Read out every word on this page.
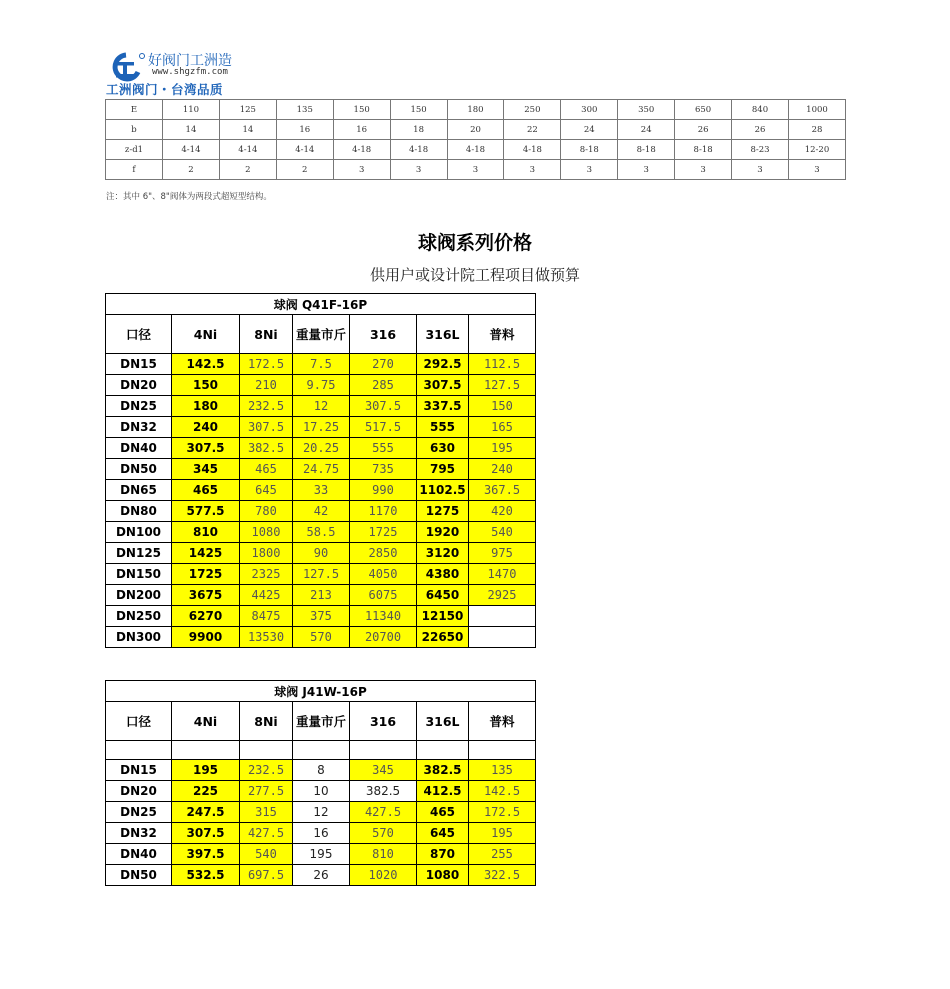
好阀门工洲造
www.shgzfm.com
工洲阀门・台湾品质
E	110	125	135	150	150	180	250	300	350	650	840	1000
b	14	14	16	16	18	20	22	24	24	26	26	28
z-d1	4-14	4-14	4-14	4-18	4-18	4-18	4-18	8-18	8-18	8-18	8-23	12-20
f	2	2	2	3	3	3	3	3	3	3	3	3
注：其中 6"、8"阀体为两段式超短型结构。
球阀系列价格
供用户或设计院工程项目做预算
球阀 Q41F-16P						
口径	4Ni	8Ni	重量市斤	316	316L	普料
DN15	142.5	172.5	7.5	270	292.5	112.5
DN20	150	210	9.75	285	307.5	127.5
DN25	180	232.5	12	307.5	337.5	150
DN32	240	307.5	17.25	517.5	555	165
DN40	307.5	382.5	20.25	555	630	195
DN50	345	465	24.75	735	795	240
DN65	465	645	33	990	1102.5	367.5
DN80	577.5	780	42	1170	1275	420
DN100	810	1080	58.5	1725	1920	540
DN125	1425	1800	90	2850	3120	975
DN150	1725	2325	127.5	4050	4380	1470
DN200	3675	4425	213	6075	6450	2925
DN250	6270	8475	375	11340	12150	
DN300	9900	13530	570	20700	22650	
球阀 J41W-16P						
口径	4Ni	8Ni	重量市斤	316	316L	普料

DN15	195	232.5	8	345	382.5	135
DN20	225	277.5	10	382.5	412.5	142.5
DN25	247.5	315	12	427.5	465	172.5
DN32	307.5	427.5	16	570	645	195
DN40	397.5	540	195	810	870	255
DN50	532.5	697.5	26	1020	1080	322.5
